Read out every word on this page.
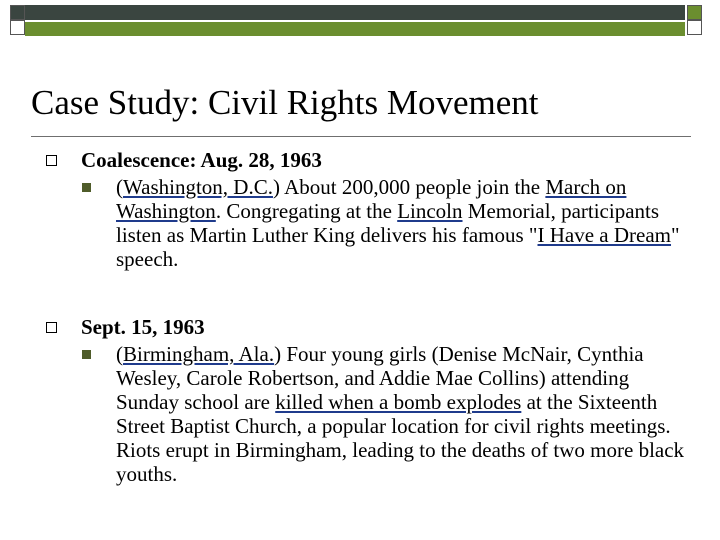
Case Study: Civil Rights Movement
Coalescence: Aug. 28, 1963
(Washington, D.C.) About 200,000 people join the March on Washington. Congregating at the Lincoln Memorial, participants listen as Martin Luther King delivers his famous "I Have a Dream" speech.
Sept. 15, 1963
(Birmingham, Ala.) Four young girls (Denise McNair, Cynthia Wesley, Carole Robertson, and Addie Mae Collins) attending Sunday school are killed when a bomb explodes at the Sixteenth Street Baptist Church, a popular location for civil rights meetings. Riots erupt in Birmingham, leading to the deaths of two more black youths.
